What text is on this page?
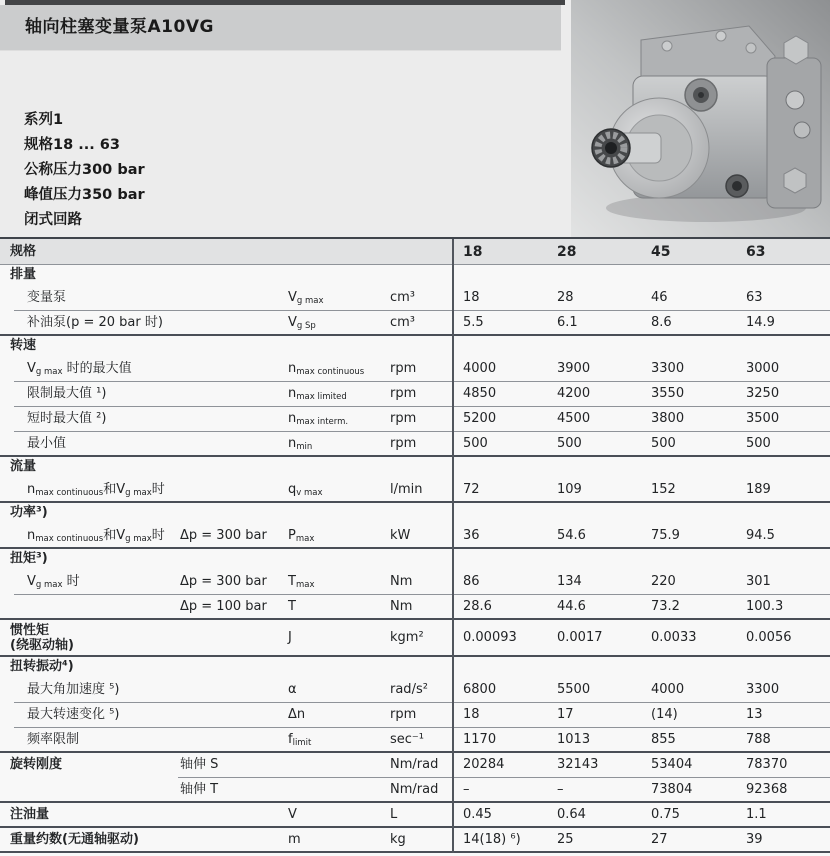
轴向柱塞变量泵A10VG
系列1
规格18 ... 63
公称压力300 bar
峰值压力350 bar
闭式回路
规格	18	28	45	63
排量
变量泵	$V_{g max}$	cm³	18	28	46	63
补油泵(p = 20 bar 时)	$V_{g Sp}$	cm³	5.5	6.1	8.6	14.9
转速
$V_{g max}$ 时的最大值	$n_{max continuous}$	rpm	4000	3900	3300	3000
限制最大值 ¹)	$n_{max limited}$	rpm	4850	4200	3550	3250
短时最大值 ²)	$n_{max interm.}$	rpm	5200	4500	3800	3500
最小值	$n_{min}$	rpm	500	500	500	500
流量
$n_{max continuous}$和$V_{g max}$时	$q_{v max}$	l/min	72	109	152	189
功率³)
$n_{max continuous}$和$V_{g max}$时	Δp = 300 bar	$P_{max}$	kW	36	54.6	75.9	94.5
扭矩³)
$V_{g max}$ 时	Δp = 300 bar	$T_{max}$	Nm	86	134	220	301
Δp = 100 bar	T	Nm	28.6	44.6	73.2	100.3
惯性矩
(绕驱动轴)	J	kgm²	0.00093	0.0017	0.0033	0.0056
扭转振动⁴)
最大角加速度 ⁵)	α	rad/s²	6800	5500	4000	3300
最大转速变化 ⁵)	Δn	rpm	18	17	(14)	13
频率限制	$f_{limit}$	sec⁻¹	1170	1013	855	788
旋转刚度	轴伸 S	Nm/rad	20284	32143	53404	78370
轴伸 T	Nm/rad	–	–	73804	92368
注油量	V	L	0.45	0.64	0.75	1.1
重量约数(无通轴驱动)	m	kg	14(18) ⁶)	25	27	39
